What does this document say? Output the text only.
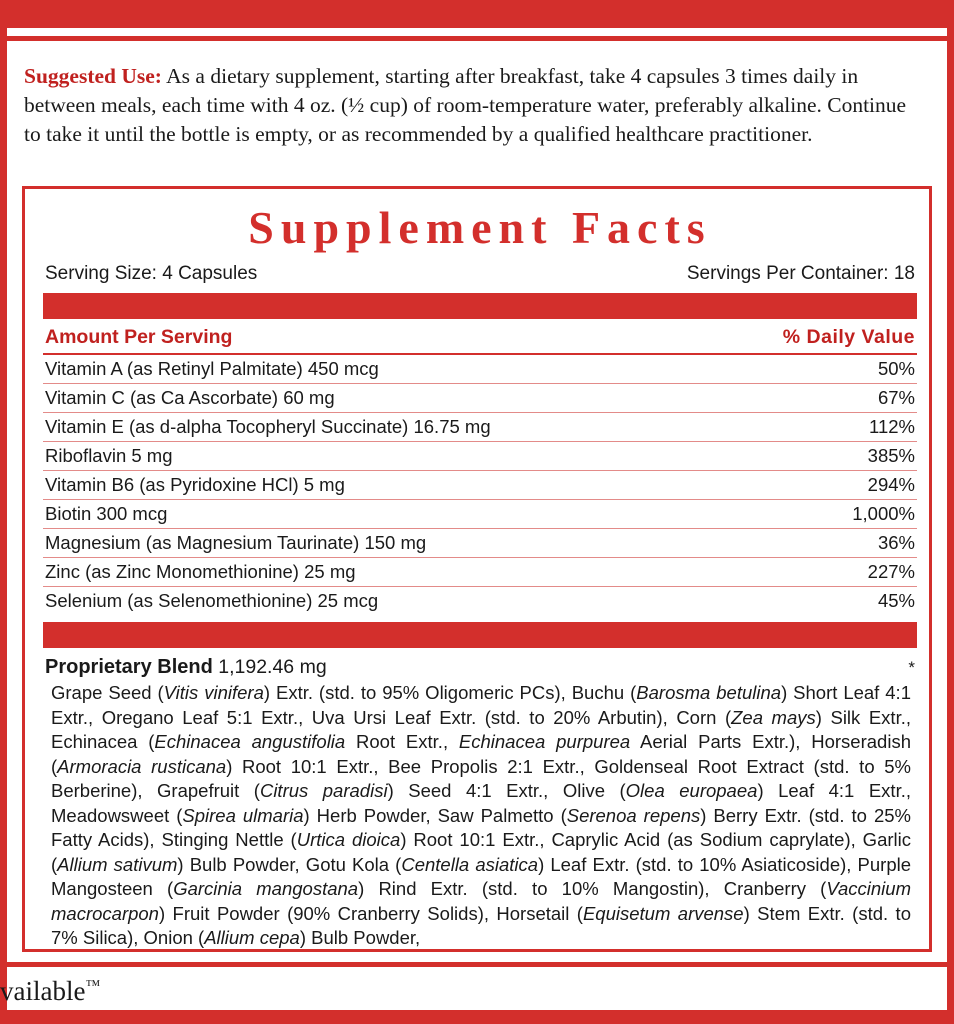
Suggested Use: As a dietary supplement, starting after breakfast, take 4 capsules 3 times daily in between meals, each time with 4 oz. (½ cup) of room-temperature water, preferably alkaline. Continue to take it until the bottle is empty, or as recommended by a qualified healthcare practitioner.
Supplement Facts
Serving Size: 4 Capsules	Servings Per Container: 18
Amount Per Serving	% Daily Value
Vitamin A (as Retinyl Palmitate) 450 mcg	50%
Vitamin C (as Ca Ascorbate) 60 mg	67%
Vitamin E (as d-alpha Tocopheryl Succinate) 16.75 mg	112%
Riboflavin 5 mg	385%
Vitamin B6 (as Pyridoxine HCl) 5 mg	294%
Biotin 300 mcg	1,000%
Magnesium (as Magnesium Taurinate) 150 mg	36%
Zinc (as Zinc Monomethionine) 25 mg	227%
Selenium (as Selenomethionine) 25 mcg	45%
Proprietary Blend 1,192.46 mg	*
Grape Seed (Vitis vinifera) Extr. (std. to 95% Oligomeric PCs), Buchu (Barosma betulina) Short Leaf 4:1 Extr., Oregano Leaf 5:1 Extr., Uva Ursi Leaf Extr. (std. to 20% Arbutin), Corn (Zea mays) Silk Extr., Echinacea (Echinacea angustifolia Root Extr., Echinacea purpurea Aerial Parts Extr.), Horseradish (Armoracia rusticana) Root 10:1 Extr., Bee Propolis 2:1 Extr., Goldenseal Root Extract (std. to 5% Berberine), Grapefruit (Citrus paradisi) Seed 4:1 Extr., Olive (Olea europaea) Leaf 4:1 Extr., Meadowsweet (Spirea ulmaria) Herb Powder, Saw Palmetto (Serenoa repens) Berry Extr. (std. to 25% Fatty Acids), Stinging Nettle (Urtica dioica) Root 10:1 Extr., Caprylic Acid (as Sodium caprylate), Garlic (Allium sativum) Bulb Powder, Gotu Kola (Centella asiatica) Leaf Extr. (std. to 10% Asiaticoside), Purple Mangosteen (Garcinia mangostana) Rind Extr. (std. to 10% Mangostin), Cranberry (Vaccinium macrocarpon) Fruit Powder (90% Cranberry Solids), Horsetail (Equisetum arvense) Stem Extr. (std. to 7% Silica), Onion (Allium cepa) Bulb Powder,
vailable™
